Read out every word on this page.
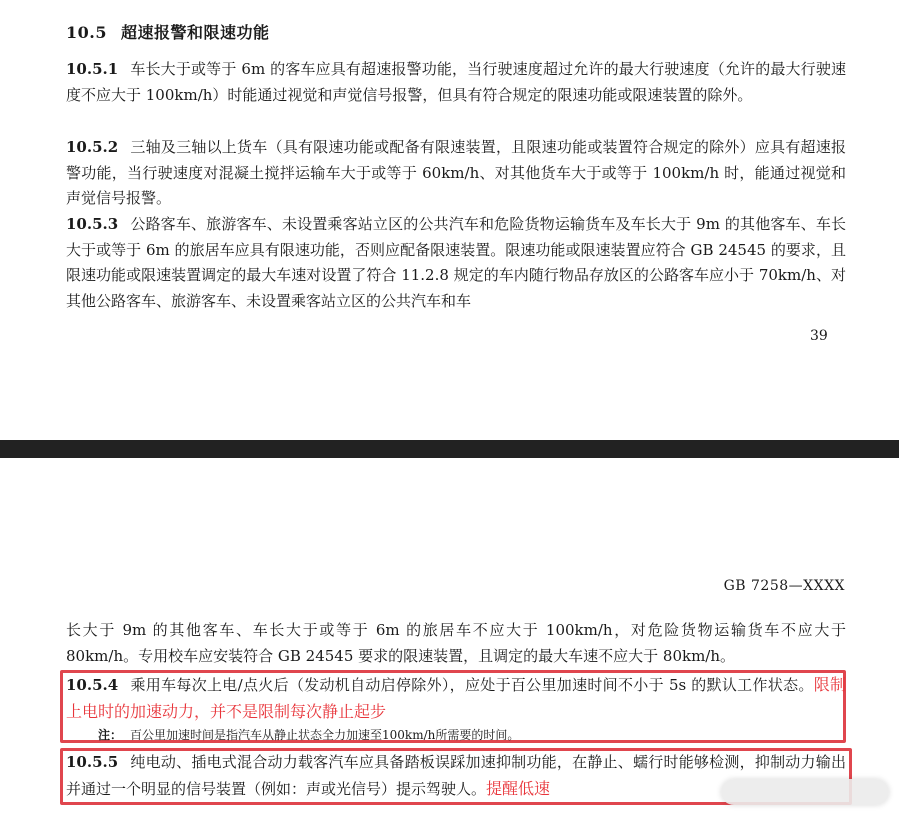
10.5 超速报警和限速功能

10.5.1 车长大于或等于 6m 的客车应具有超速报警功能，当行驶速度超过允许的最大行驶速度（允许的最大行驶速度不应大于 100km/h）时能通过视觉和声觉信号报警，但具有符合规定的限速功能或限速装置的除外。

10.5.2 三轴及三轴以上货车（具有限速功能或配备有限速装置，且限速功能或装置符合规定的除外）应具有超速报警功能，当行驶速度对混凝土搅拌运输车大于或等于 60km/h、对其他货车大于或等于 100km/h 时，能通过视觉和声觉信号报警。

10.5.3 公路客车、旅游客车、未设置乘客站立区的公共汽车和危险货物运输货车及车长大于 9m 的其他客车、车长大于或等于 6m 的旅居车应具有限速功能，否则应配备限速装置。限速功能或限速装置应符合 GB 24545 的要求，且限速功能或限速装置调定的最大车速对设置了符合 11.2.8 规定的车内随行物品存放区的公路客车应小于 70km/h、对其他公路客车、旅游客车、未设置乘客站立区的公共汽车和车

39
GB 7258—XXXX

长大于 9m 的其他客车、车长大于或等于 6m 的旅居车不应大于 100km/h，对危险货物运输货车不应大于 80km/h。专用校车应安装符合 GB 24545 要求的限速装置，且调定的最大车速不应大于 80km/h。

10.5.4 乘用车每次上电/点火后（发动机自动启停除外），应处于百公里加速时间不小于 5s 的默认工作状态。限制上电时的加速动力，并不是限制每次静止起步

注： 百公里加速时间是指汽车从静止状态全力加速至100km/h所需要的时间。

10.5.5 纯电动、插电式混合动力载客汽车应具备踏板误踩加速抑制功能，在静止、蠕行时能够检测，抑制动力输出并通过一个明显的信号装置（例如：声或光信号）提示驾驶人。提醒低速
